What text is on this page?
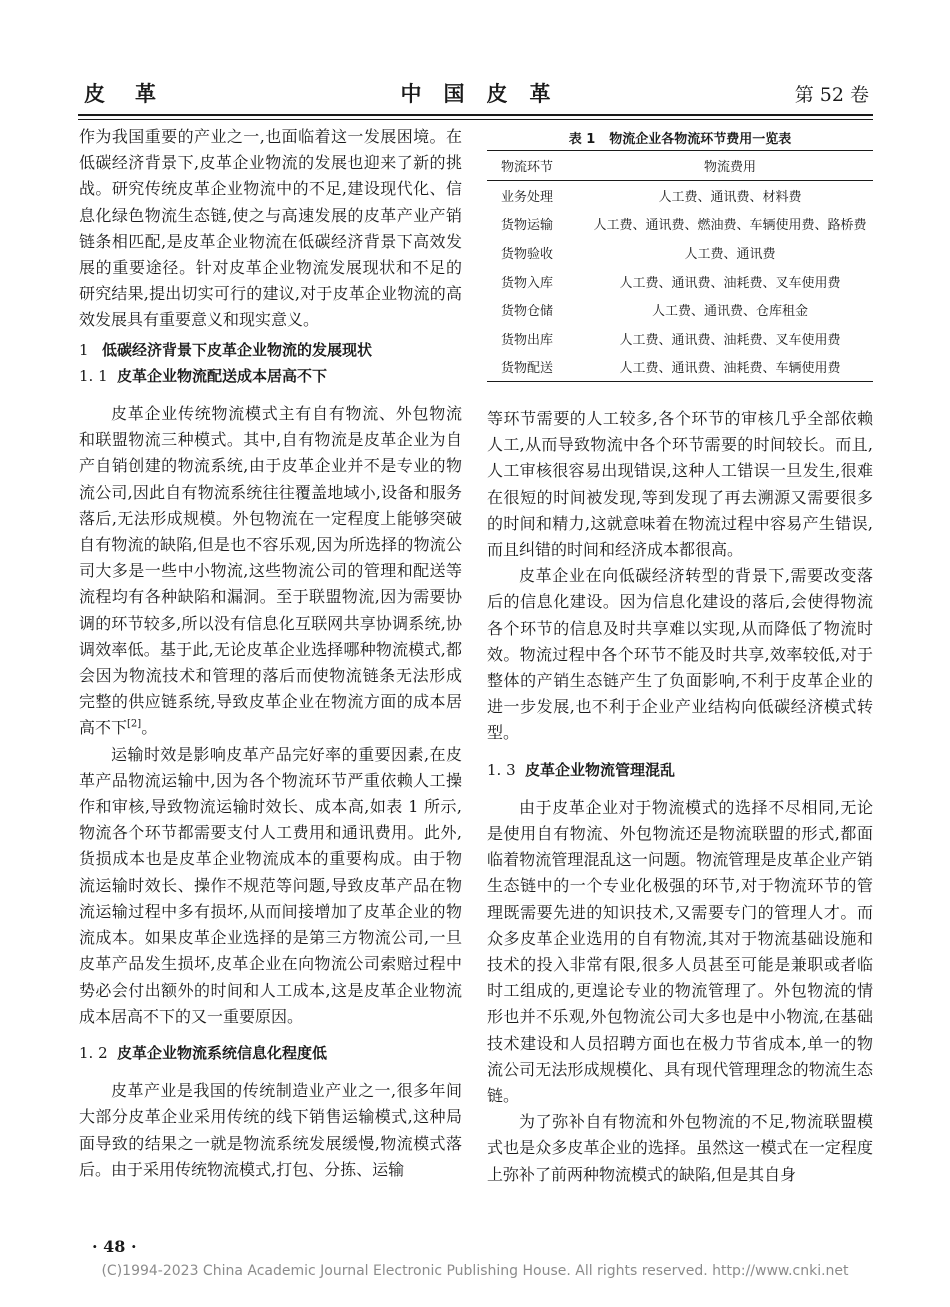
皮革	中国皮革	第 52 卷

作为我国重要的产业之一,也面临着这一发展困境。在低碳经济背景下,皮革企业物流的发展也迎来了新的挑战。研究传统皮革企业物流中的不足,建设现代化、信息化绿色物流生态链,使之与高速发展的皮革产业产销链条相匹配,是皮革企业物流在低碳经济背景下高效发展的重要途径。针对皮革企业物流发展现状和不足的研究结果,提出切实可行的建议,对于皮革企业物流的高效发展具有重要意义和现实意义。

1 低碳经济背景下皮革企业物流的发展现状
1. 1 皮革企业物流配送成本居高不下

皮革企业传统物流模式主有自有物流、外包物流和联盟物流三种模式。其中,自有物流是皮革企业为自产自销创建的物流系统,由于皮革企业并不是专业的物流公司,因此自有物流系统往往覆盖地域小,设备和服务落后,无法形成规模。外包物流在一定程度上能够突破自有物流的缺陷,但是也不容乐观,因为所选择的物流公司大多是一些中小物流,这些物流公司的管理和配送等流程均有各种缺陷和漏洞。至于联盟物流,因为需要协调的环节较多,所以没有信息化互联网共享协调系统,协调效率低。基于此,无论皮革企业选择哪种物流模式,都会因为物流技术和管理的落后而使物流链条无法形成完整的供应链系统,导致皮革企业在物流方面的成本居高不下[2]。

运输时效是影响皮革产品完好率的重要因素,在皮革产品物流运输中,因为各个物流环节严重依赖人工操作和审核,导致物流运输时效长、成本高,如表 1 所示,物流各个环节都需要支付人工费用和通讯费用。此外,货损成本也是皮革企业物流成本的重要构成。由于物流运输时效长、操作不规范等问题,导致皮革产品在物流运输过程中多有损坏,从而间接增加了皮革企业的物流成本。如果皮革企业选择的是第三方物流公司,一旦皮革产品发生损坏,皮革企业在向物流公司索赔过程中势必会付出额外的时间和人工成本,这是皮革企业物流成本居高不下的又一重要原因。

1. 2 皮革企业物流系统信息化程度低

皮革产业是我国的传统制造业产业之一,很多年间大部分皮革企业采用传统的线下销售运输模式,这种局面导致的结果之一就是物流系统发展缓慢,物流模式落后。由于采用传统物流模式,打包、分拣、运输

表 1 物流企业各物流环节费用一览表
物流环节	物流费用
业务处理	人工费、通讯费、材料费
货物运输	人工费、通讯费、燃油费、车辆使用费、路桥费
货物验收	人工费、通讯费
货物入库	人工费、通讯费、油耗费、叉车使用费
货物仓储	人工费、通讯费、仓库租金
货物出库	人工费、通讯费、油耗费、叉车使用费
货物配送	人工费、通讯费、油耗费、车辆使用费

等环节需要的人工较多,各个环节的审核几乎全部依赖人工,从而导致物流中各个环节需要的时间较长。而且,人工审核很容易出现错误,这种人工错误一旦发生,很难在很短的时间被发现,等到发现了再去溯源又需要很多的时间和精力,这就意味着在物流过程中容易产生错误,而且纠错的时间和经济成本都很高。

皮革企业在向低碳经济转型的背景下,需要改变落后的信息化建设。因为信息化建设的落后,会使得物流各个环节的信息及时共享难以实现,从而降低了物流时效。物流过程中各个环节不能及时共享,效率较低,对于整体的产销生态链产生了负面影响,不利于皮革企业的进一步发展,也不利于企业产业结构向低碳经济模式转型。

1. 3 皮革企业物流管理混乱

由于皮革企业对于物流模式的选择不尽相同,无论是使用自有物流、外包物流还是物流联盟的形式,都面临着物流管理混乱这一问题。物流管理是皮革企业产销生态链中的一个专业化极强的环节,对于物流环节的管理既需要先进的知识技术,又需要专门的管理人才。而众多皮革企业选用的自有物流,其对于物流基础设施和技术的投入非常有限,很多人员甚至可能是兼职或者临时工组成的,更遑论专业的物流管理了。外包物流的情形也并不乐观,外包物流公司大多也是中小物流,在基础技术建设和人员招聘方面也在极力节省成本,单一的物流公司无法形成规模化、具有现代管理理念的物流生态链。

为了弥补自有物流和外包物流的不足,物流联盟模式也是众多皮革企业的选择。虽然这一模式在一定程度上弥补了前两种物流模式的缺陷,但是其自身

· 48 ·
(C)1994-2023 China Academic Journal Electronic Publishing House. All rights reserved. http://www.cnki.net
